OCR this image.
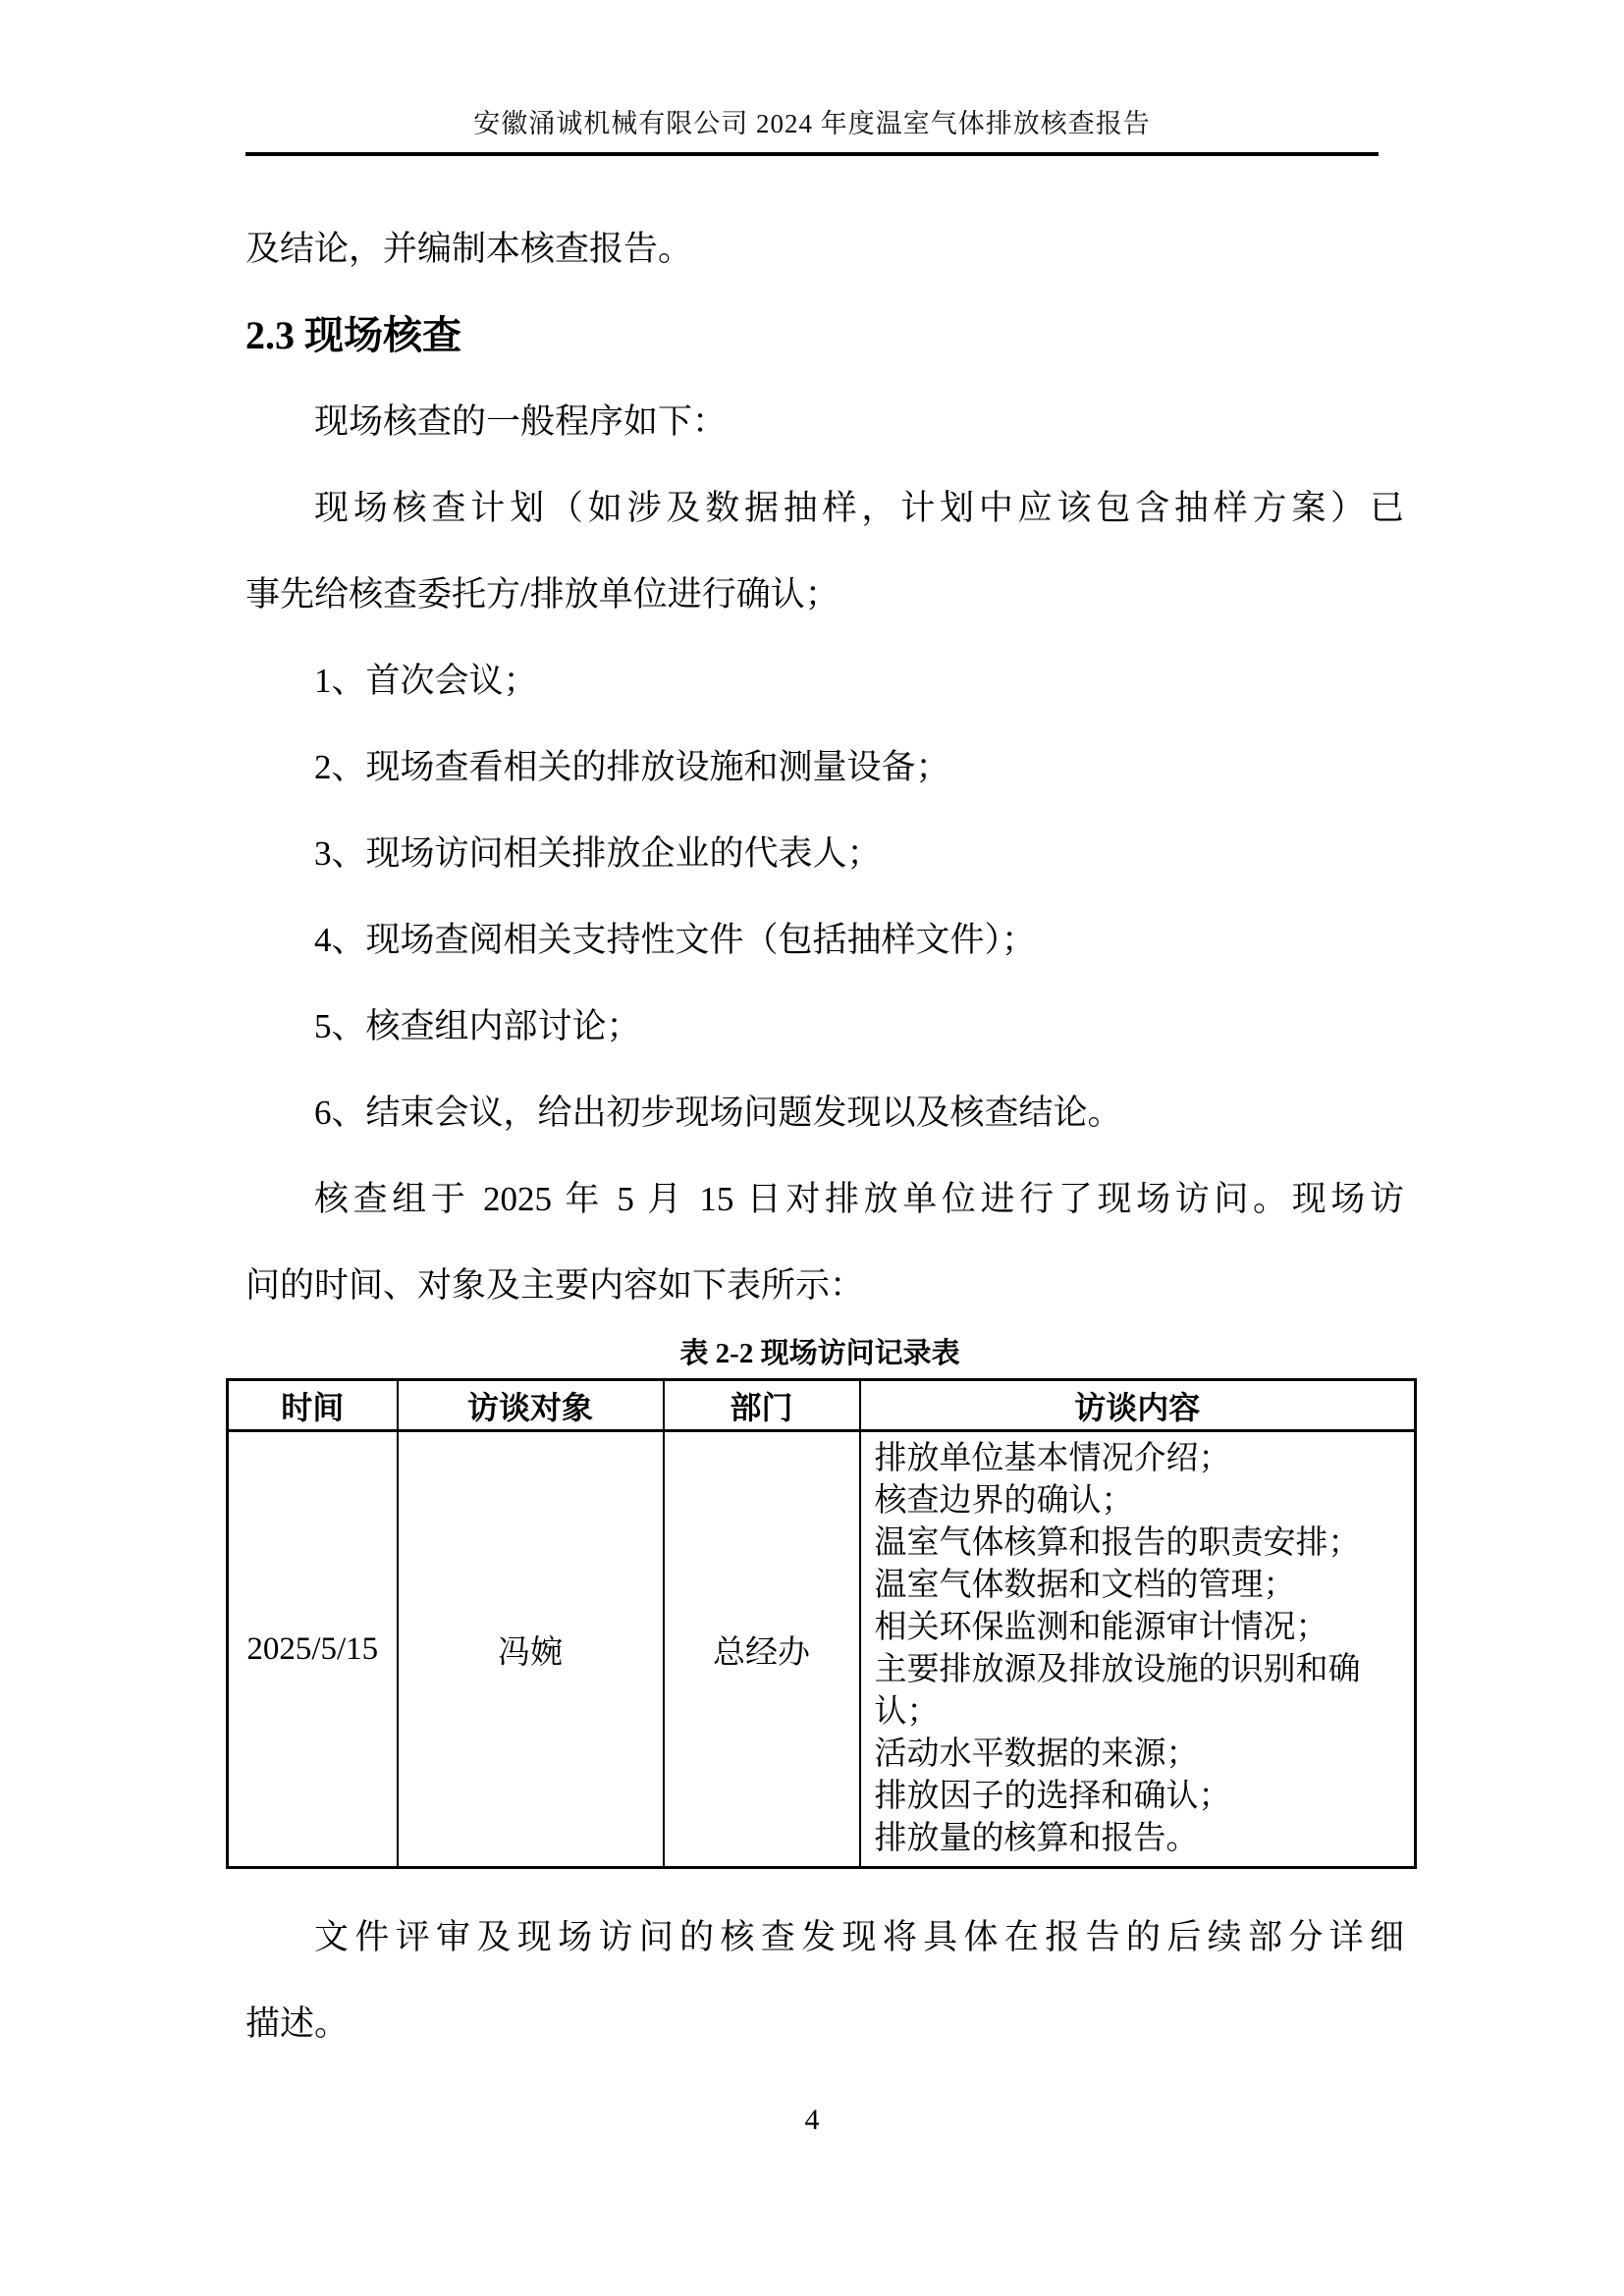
安徽涌诚机械有限公司 2024 年度温室气体排放核查报告
及结论，并编制本核查报告。
2.3 现场核查
现场核查的一般程序如下：
现场核查计划（如涉及数据抽样，计划中应该包含抽样方案）已
事先给核查委托方/排放单位进行确认；
1、首次会议；
2、现场查看相关的排放设施和测量设备；
3、现场访问相关排放企业的代表人；
4、现场查阅相关支持性文件（包括抽样文件）；
5、核查组内部讨论；
6、结束会议，给出初步现场问题发现以及核查结论。
核查组于 2025 年 5 月 15 日对排放单位进行了现场访问。现场访
问的时间、对象及主要内容如下表所示：
表 2-2 现场访问记录表
时间	访谈对象	部门	访谈内容
2025/5/15	冯婉	总经办	
排放单位基本情况介绍；
核查边界的确认；
温室气体核算和报告的职责安排；
温室气体数据和文档的管理；
相关环保监测和能源审计情况；
主要排放源及排放设施的识别和确
认；
活动水平数据的来源；
排放因子的选择和确认；
排放量的核算和报告。
文件评审及现场访问的核查发现将具体在报告的后续部分详细
描述。
4
